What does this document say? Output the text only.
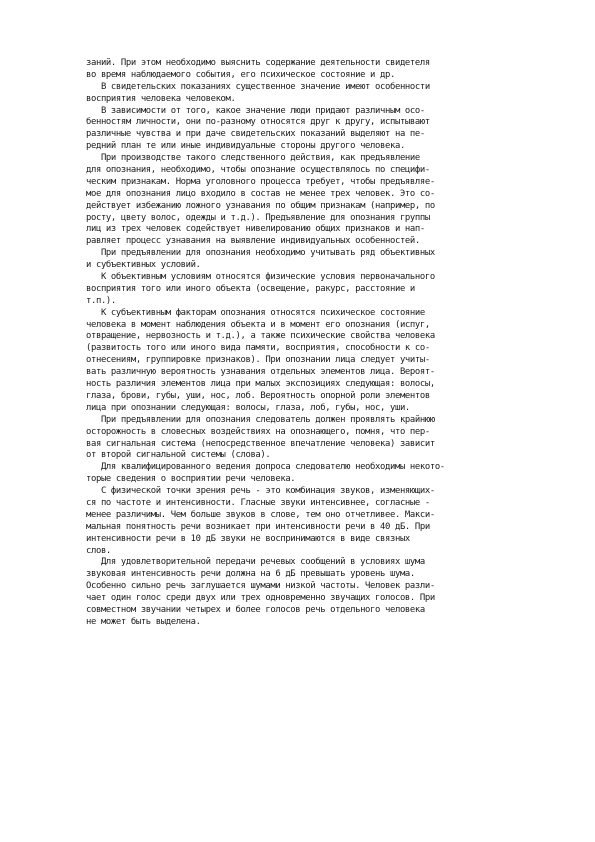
заний. При этом необходимо выяснить содержание деятельности свидетеля
во время наблюдаемого события, его психическое состояние и др.
В свидетельских показаниях существенное значение имеют особенности
восприятия человека человеком.
В зависимости от того, какое значение люди придают различным осо-
бенностям личности, они по-разному относятся друг к другу, испытывают
различные чувства и при даче свидетельских показаний выделяют на пе-
редний план те или иные индивидуальные стороны другого человека.
При производстве такого следственного действия, как предъявление
для опознания, необходимо, чтобы опознание осуществлялось по специфи-
ческим признакам. Норма уголовного процесса требует, чтобы предъявляе-
мое для опознания лицо входило в состав не менее трех человек. Это со-
действует избежанию ложного узнавания по общим признакам (например, по
росту, цвету волос, одежды и т.д.). Предъявление для опознания группы
лиц из трех человек содействует нивелированию общих признаков и нап-
равляет процесс узнавания на выявление индивидуальных особенностей.
При предъявлении для опознания необходимо учитывать ряд объективных
и субъективных условий.
К объективным условиям относятся физические условия первоначального
восприятия того или иного объекта (освещение, ракурс, расстояние и
т.п.).
К субъективным факторам опознания относятся психическое состояние
человека в момент наблюдения объекта и в момент его опознания (испуг,
отвращение, нервозность и т.д.), а также психические свойства человека
(развитость того или иного вида памяти, восприятия, способности к со-
отнесениям, группировке признаков). При опознании лица следует учиты-
вать различную вероятность узнавания отдельных элементов лица. Вероят-
ность различия элементов лица при малых экспозициях следующая: волосы,
глаза, брови, губы, уши, нос, лоб. Вероятность опорной роли элементов
лица при опознании следующая: волосы, глаза, лоб, губы, нос, уши.
При предъявлении для опознания следователь должен проявлять крайнюю
осторожность в словесных воздействиях на опознающего, помня, что пер-
вая сигнальная система (непосредственное впечатление человека) зависит
от второй сигнальной системы (слова).
Для квалифицированного ведения допроса следователю необходимы некото-
торые сведения о восприятии речи человека.
С физической точки зрения речь - это комбинация звуков, изменяющих-
ся по частоте и интенсивности. Гласные звуки интенсивнее, согласные -
менее различимы. Чем больше звуков в слове, тем оно отчетливее. Макси-
мальная понятность речи возникает при интенсивности речи в 40 дБ. При
интенсивности речи в 10 дБ звуки не воспринимаются в виде связных
слов.
Для удовлетворительной передачи речевых сообщений в условиях шума
звуковая интенсивность речи должна на 6 дБ превышать уровень шума.
Особенно сильно речь заглушается шумами низкой частоты. Человек разли-
чает один голос среди двух или трех одновременно звучащих голосов. При
совместном звучании четырех и более голосов речь отдельного человека
не может быть выделена.
